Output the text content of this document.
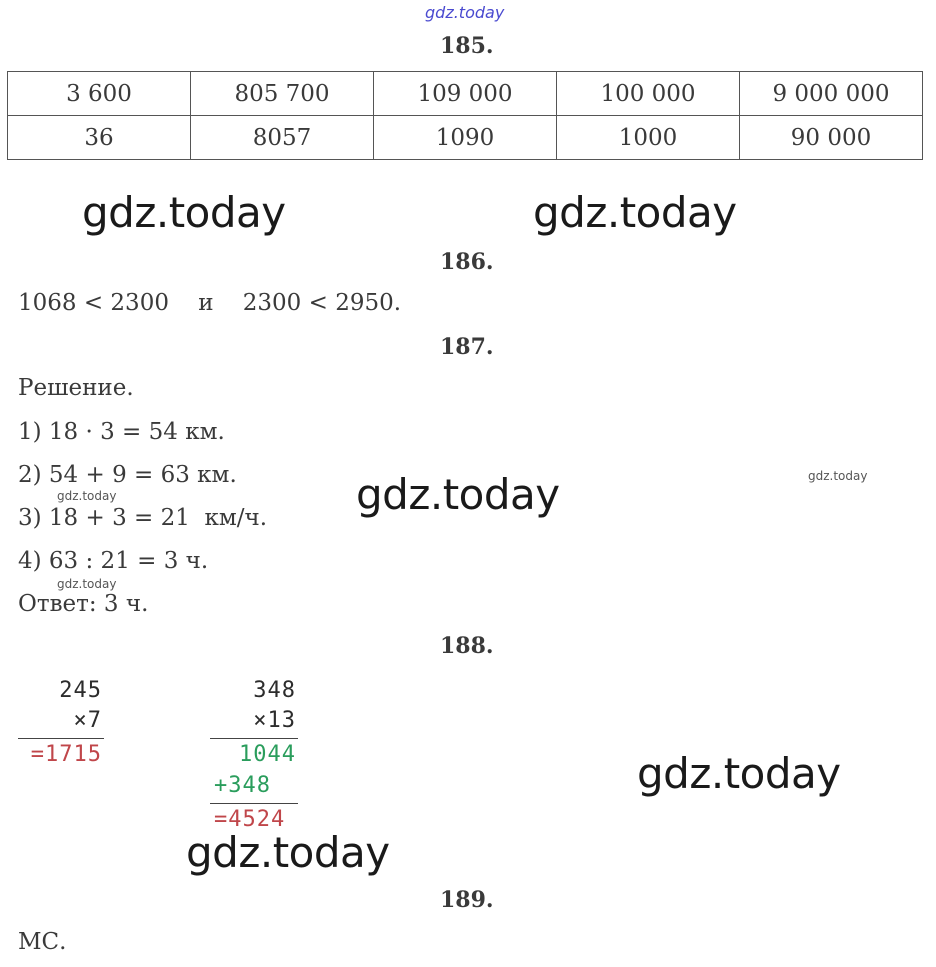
gdz.today
185.
3 600	805 700	109 000	100 000	9 000 000
36	8057	1090	1000	90 000
gdz.today	gdz.today
186.
1068 < 2300    и    2300 < 2950.
187.
Решение.
1) 18 · 3 = 54 км.
2) 54 + 9 = 63 км.
gdz.today
3) 18 + 3 = 21  км/ч.
4) 63 : 21 = 3 ч.
gdz.today
Ответ: 3 ч.
gdz.today	gdz.today
188.
245
×7
=1715
348
×13
1044
+348
=4524
gdz.today
gdz.today
189.
МС.
